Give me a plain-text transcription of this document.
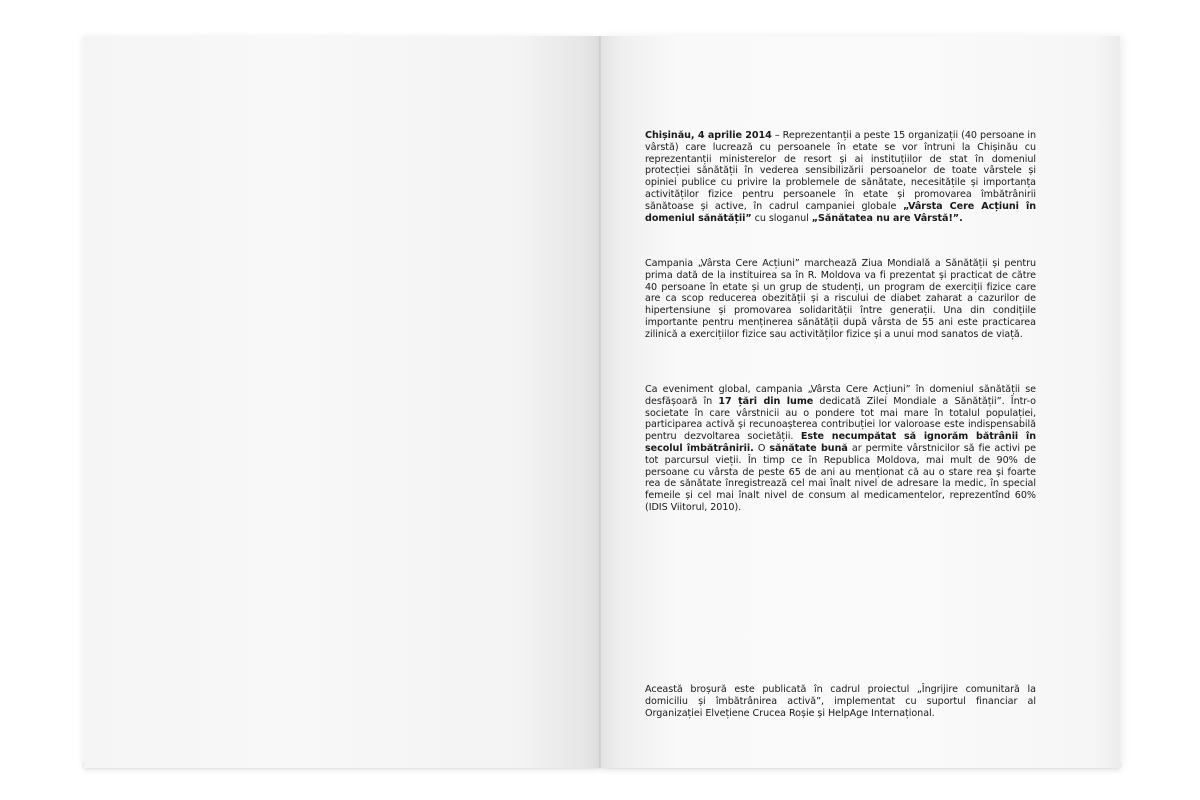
Chișinău, 4 aprilie 2014 – Reprezentanții a peste 15 organizații (40 persoane in vârstă) care lucrează cu persoanele în etate se vor întruni la Chișinău cu reprezentanții ministerelor de resort și ai instituțiilor de stat în domeniul protecției sănătății în vederea sensibilizării persoanelor de toate vârstele și opiniei publice cu privire la problemele de sănătate, necesitățile și importanța activităților fizice pentru persoanele în etate și promovarea îmbătrânirii sănătoase și active, în cadrul campaniei globale „Vârsta Cere Acțiuni în domeniul sănătății” cu sloganul „Sănătatea nu are Vârstă!”.

Campania „Vârsta Cere Acțiuni” marchează Ziua Mondială a Sănătății și pentru prima dată de la instituirea sa în R. Moldova va fi prezentat și practicat de către 40 persoane în etate și un grup de studenți, un program de exerciții fizice care are ca scop reducerea obezității și a riscului de diabet zaharat a cazurilor de hipertensiune și promovarea solidarității între generații. Una din condițiile importante pentru menținerea sănătății după vârsta de 55 ani este practicarea zilinică a exercițiilor fizice sau activităților fizice și a unui mod sanatos de viață.

Ca eveniment global, campania „Vârsta Cere Acțiuni” în domeniul sănătății se desfășoară în 17 țări din lume dedicată Zilei Mondiale a Sănătății”. Într-o societate în care vârstnicii au o pondere tot mai mare în totalul populației, participarea activă și recunoașterea contribuției lor valoroase este indispensabilă pentru dezvoltarea societății. Este necumpătat să ignorăm bătrânii în secolul îmbătrânirii. O sănătate bună ar permite vârstnicilor să fie activi pe tot parcursul vieții. În timp ce în Republica Moldova, mai mult de 90% de persoane cu vârsta de peste 65 de ani au menționat că au o stare rea și foarte rea de sănătate înregistrează cel mai înalt nivel de adresare la medic, în special femeile și cel mai înalt nivel de consum al medicamentelor, reprezentînd 60% (IDIS Viitorul, 2010).

Această broșură este publicată în cadrul proiectul „Îngrijire comunitară la domiciliu și îmbătrânirea activă”, implementat cu suportul financiar al Organizației Elvețiene Crucea Roșie și HelpAge Internațional.
